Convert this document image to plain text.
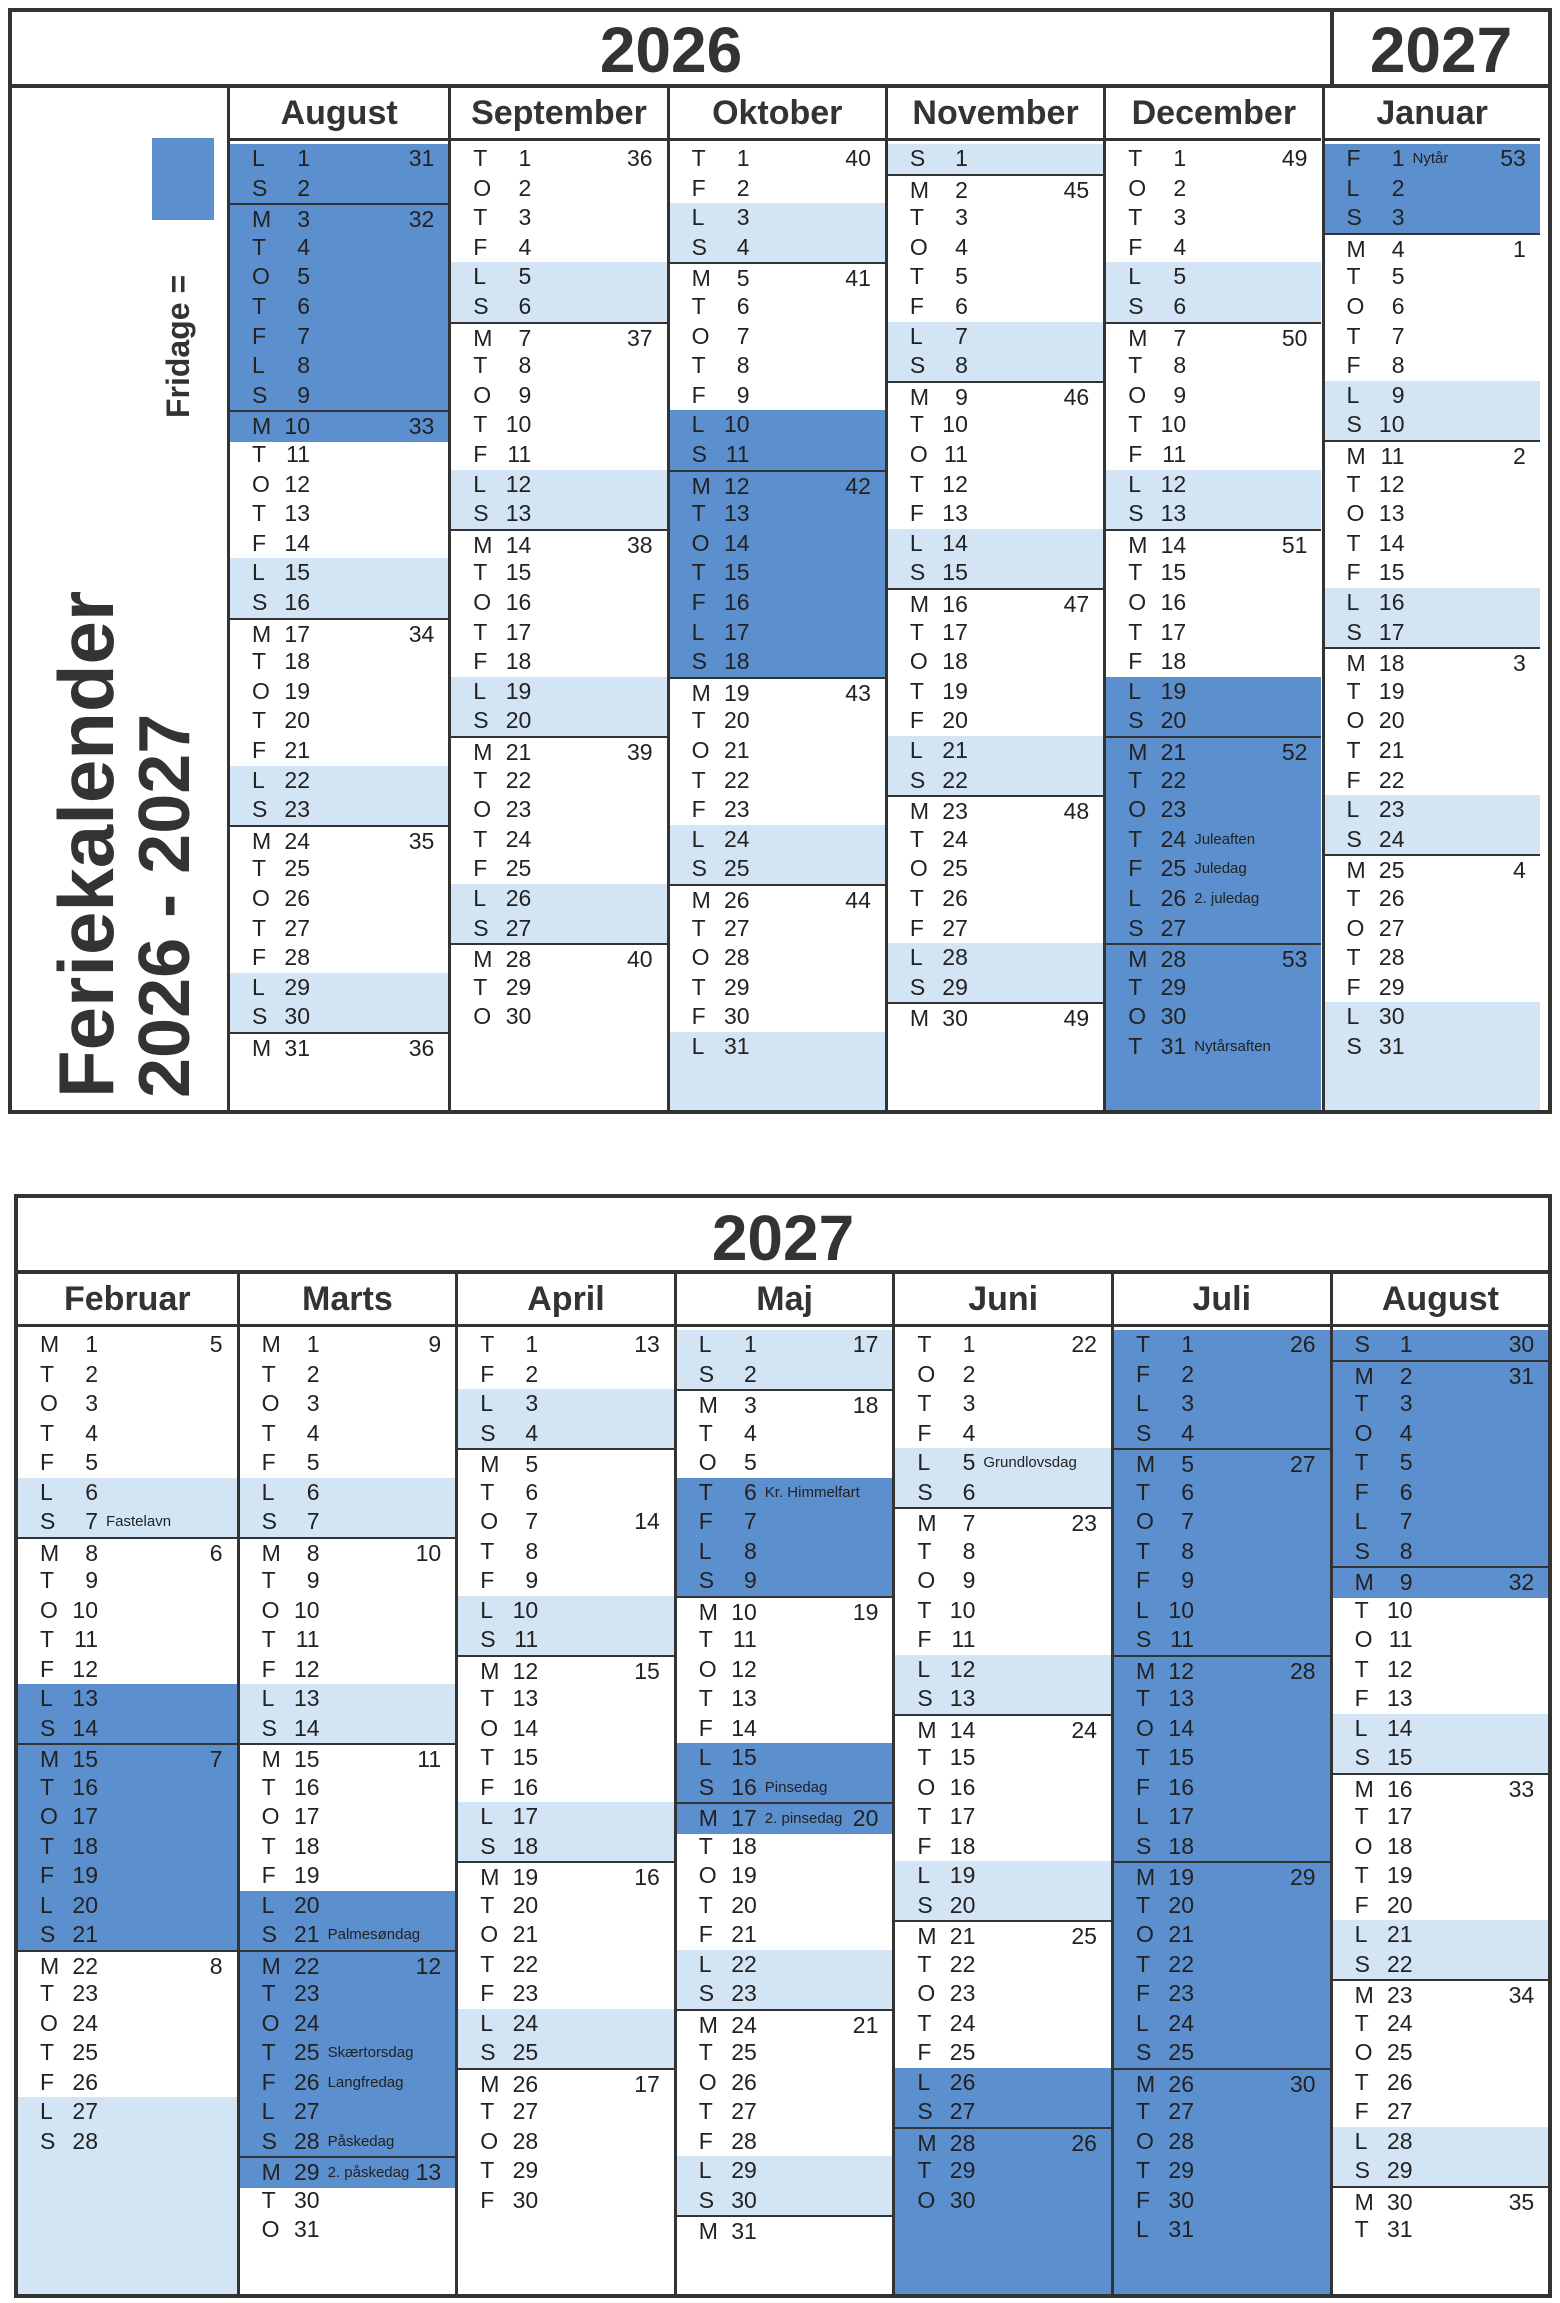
2026	2027
Fridage =
Feriekalender
2026 - 2027
August
L	1	31
S	2
M	3	32
T	4
O	5
T	6
F	7
L	8
S	9
M 10	33
T 11
O 12
T 13
F 14
L 15
S 16
M 17	34
T 18
O 19
T 20
F 21
L 22
S 23
M 24	35
T 25
O 26
T 27
F 28
L 29
S 30
M 31	36
September
T	1	36
O	2
T	3
F	4
L	5
S	6
M	7	37
T	8
O	9
T 10
F 11
L 12
S 13
M 14	38
T 15
O 16
T 17
F 18
L 19
S 20
M 21	39
T 22
O 23
T 24
F 25
L 26
S 27
M 28	40
T 29
O 30
Oktober
T	1	40
F	2
L	3
S	4
M	5	41
T	6
O	7
T	8
F	9
L 10
S 11
M 12	42
T 13
O 14
T 15
F 16
L 17
S 18
M 19	43
T 20
O 21
T 22
F 23
L 24
S 25
M 26	44
T 27
O 28
T 29
F 30
L 31
November
S	1
M	2	45
T	3
O	4
T	5
F	6
L	7
S	8
M	9	46
T 10
O 11
T 12
F 13
L 14
S 15
M 16	47
T 17
O 18
T 19
F 20
L 21
S 22
M 23	48
T 24
O 25
T 26
F 27
L 28
S 29
M 30	49
December
T	1	49
O	2
T	3
F	4
L	5
S	6
M	7	50
T	8
O	9
T 10
F 11
L 12
S 13
M 14	51
T 15
O 16
T 17
F 18
L 19
S 20
M 21	52
T 22
O 23
T 24 Juleaften
F 25 Juledag
L 26 2. juledag
S 27
M 28	53
T 29
O 30
T 31 Nytårsaften
Januar
F	1 Nytår 53
L	2
S	3
M	4	1
T	5
O	6
T	7
F	8
L	9
S 10
M 11	2
T 12
O 13
T 14
F 15
L 16
S 17
M 18	3
T 19
O 20
T 21
F 22
L 23
S 24
M 25	4
T 26
O 27
T 28
F 29
L 30
S 31
2027
Februar
M	1	5
T	2
O	3
T	4
F	5
L	6
S	7 Fastelavn
M	8	6
T	9
O 10
T 11
F 12
L 13
S 14
M 15	7
T 16
O 17
T 18
F 19
L 20
S 21
M 22	8
T 23
O 24
T 25
F 26
L 27
S 28
Marts
M	1	9
T	2
O	3
T	4
F	5
L	6
S	7
M	8	10
T	9
O 10
T 11
F 12
L 13
S 14
M 15	11
T 16
O 17
T 18
F 19
L 20
S 21 Palmesøndag
M 22	12
T 23
O 24
T 25 Skærtorsdag
F 26 Langfredag
L 27
S 28 Påskedag
M 29 2. påskedag 13
T 30
O 31
April
T	1	13
F	2
L	3
S	4
M	5
T	6
O	7	14
T	8
F	9
L 10
S 11
M 12	15
T 13
O 14
T 15
F 16
L 17
S 18
M 19	16
T 20
O 21
T 22
F 23
L 24
S 25
M 26	17
T 27
O 28
T 29
F 30
Maj
L	1	17
S	2
M	3	18
T	4
O	5
T	6 Kr. Himmelfart
F	7
L	8
S	9
M 10	19
T 11
O 12
T 13
F 14
L 15
S 16 Pinsedag
M 17 2. pinsedag 20
T 18
O 19
T 20
F 21
L 22
S 23
M 24	21
T 25
O 26
T 27
F 28
L 29
S 30
M 31
Juni
T	1	22
O	2
T	3
F	4
L	5 Grundlovsdag
S	6
M	7	23
T	8
O	9
T 10
F 11
L 12
S 13
M 14	24
T 15
O 16
T 17
F 18
L 19
S 20
M 21	25
T 22
O 23
T 24
F 25
L 26
S 27
M 28	26
T 29
O 30
Juli
T	1	26
F	2
L	3
S	4
M	5	27
T	6
O	7
T	8
F	9
L 10
S 11
M 12	28
T 13
O 14
T 15
F 16
L 17
S 18
M 19	29
T 20
O 21
T 22
F 23
L 24
S 25
M 26	30
T 27
O 28
T 29
F 30
L 31
August
S	1	30
M	2	31
T	3
O	4
T	5
F	6
L	7
S	8
M	9	32
T 10
O 11
T 12
F 13
L 14
S 15
M 16	33
T 17
O 18
T 19
F 20
L 21
S 22
M 23	34
T 24
O 25
T 26
F 27
L 28
S 29
M 30	35
T 31
